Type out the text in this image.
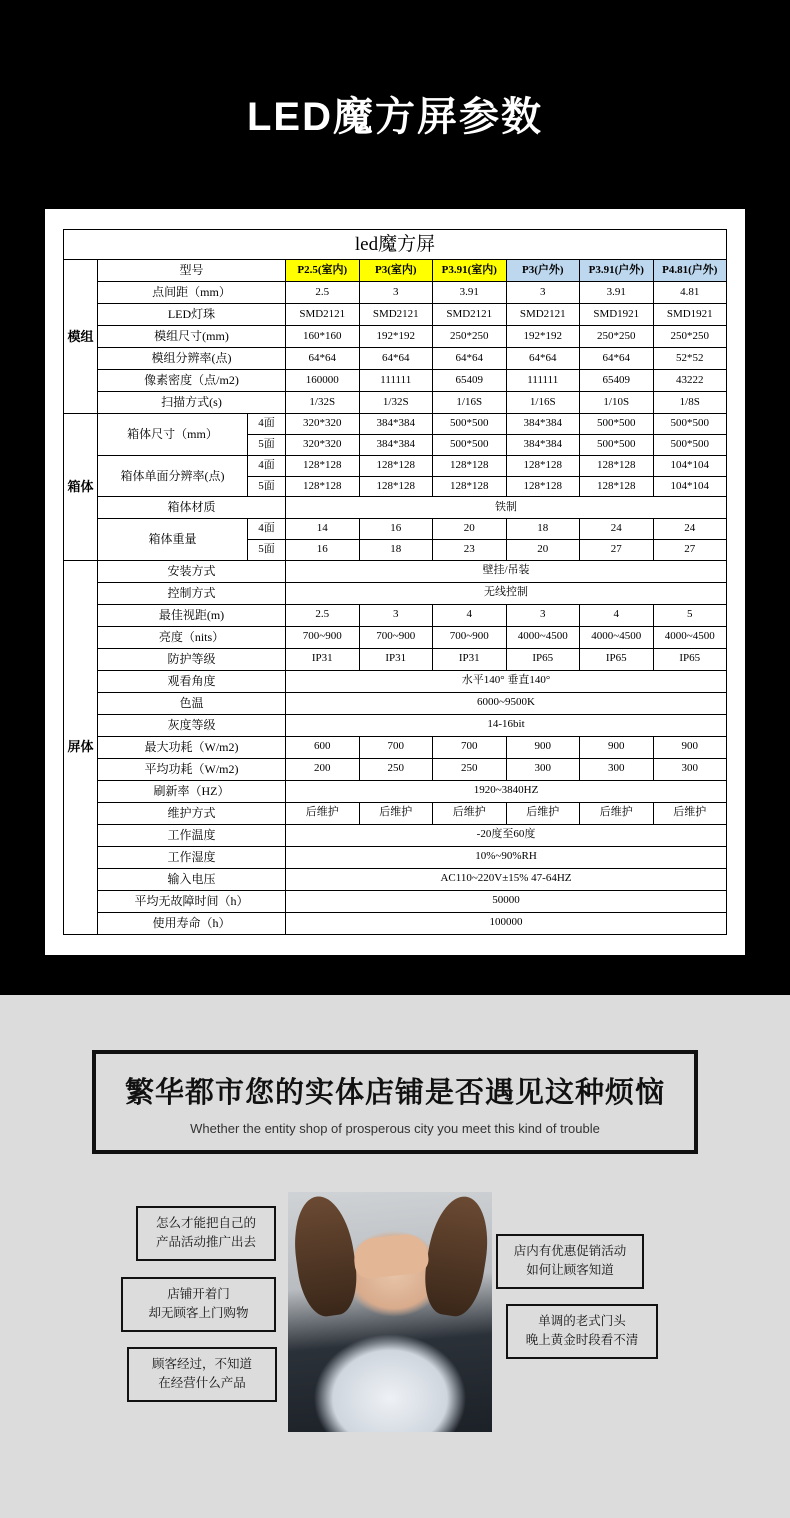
LED魔方屏参数
led魔方屏								
模组	型号		P2.5(室内)	P3(室内)	P3.91(室内)	P3(户外)	P3.91(户外)	P4.81(户外)
	点间距（mm）		2.5	3	3.91	3	3.91	4.81
	LED灯珠		SMD2121	SMD2121	SMD2121	SMD2121	SMD1921	SMD1921
	模组尺寸(mm)		160*160	192*192	250*250	192*192	250*250	250*250
	模组分辨率(点)		64*64	64*64	64*64	64*64	64*64	52*52
	像素密度（点/m2)		160000	111111	65409	111111	65409	43222
	扫描方式(s)		1/32S	1/32S	1/16S	1/16S	1/10S	1/8S
箱体	箱体尺寸（mm）	4面	320*320	384*384	500*500	384*384	500*500	500*500
		5面	320*320	384*384	500*500	384*384	500*500	500*500
	箱体单面分辨率(点)	4面	128*128	128*128	128*128	128*128	128*128	104*104
		5面	128*128	128*128	128*128	128*128	128*128	104*104
	箱体材质		铁制					
	箱体重量	4面	14	16	20	18	24	24
		5面	16	18	23	20	27	27
屏体	安装方式		壁挂/吊装					
	控制方式		无线控制					
	最佳视距(m)		2.5	3	4	3	4	5
	亮度（nits）		700~900	700~900	700~900	4000~4500	4000~4500	4000~4500
	防护等级		IP31	IP31	IP31	IP65	IP65	IP65
	观看角度		水平140° 垂直140°					
	色温		6000~9500K					
	灰度等级		14-16bit					
	最大功耗（W/m2)		600	700	700	900	900	900
	平均功耗（W/m2)		200	250	250	300	300	300
	刷新率（HZ）		1920~3840HZ					
	维护方式		后维护	后维护	后维护	后维护	后维护	后维护
	工作温度		-20度至60度					
	工作湿度		10%~90%RH					
	输入电压		AC110~220V±15% 47-64HZ					
	平均无故障时间（h）		50000					
	使用寿命（h）		100000					
繁华都市您的实体店铺是否遇见这种烦恼
Whether the entity shop of prosperous city you meet this kind of trouble
怎么才能把自己的
产品活动推广出去
店铺开着门
却无顾客上门购物
顾客经过，不知道
在经营什么产品
店内有优惠促销活动
如何让顾客知道
单调的老式门头
晚上黄金时段看不清
